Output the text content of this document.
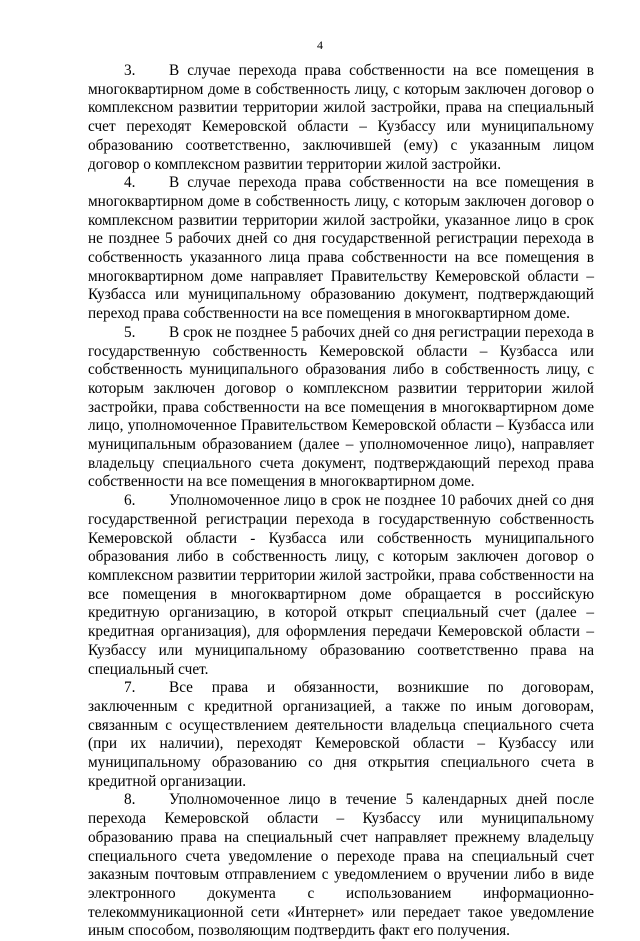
4

3. В случае перехода права собственности на все помещения в многоквартирном доме в собственность лицу, с которым заключен договор о комплексном развитии территории жилой застройки, права на специальный счет переходят Кемеровской области – Кузбассу или муниципальному образованию соответственно, заключившей (ему) с указанным лицом договор о комплексном развитии территории жилой застройки.

4. В случае перехода права собственности на все помещения в многоквартирном доме в собственность лицу, с которым заключен договор о комплексном развитии территории жилой застройки, указанное лицо в срок не позднее 5 рабочих дней со дня государственной регистрации перехода в собственность указанного лица права собственности на все помещения в многоквартирном доме направляет Правительству Кемеровской области – Кузбасса или муниципальному образованию документ, подтверждающий переход права собственности на все помещения в многоквартирном доме.

5. В срок не позднее 5 рабочих дней со дня регистрации перехода в государственную собственность Кемеровской области – Кузбасса или собственность муниципального образования либо в собственность лицу, с которым заключен договор о комплексном развитии территории жилой застройки, права собственности на все помещения в многоквартирном доме лицо, уполномоченное Правительством Кемеровской области – Кузбасса или муниципальным образованием (далее – уполномоченное лицо), направляет владельцу специального счета документ, подтверждающий переход права собственности на все помещения в многоквартирном доме.

6. Уполномоченное лицо в срок не позднее 10 рабочих дней со дня государственной регистрации перехода в государственную собственность Кемеровской области - Кузбасса или собственность муниципального образования либо в собственность лицу, с которым заключен договор о комплексном развитии территории жилой застройки, права собственности на все помещения в многоквартирном доме обращается в российскую кредитную организацию, в которой открыт специальный счет (далее – кредитная организация), для оформления передачи Кемеровской области – Кузбассу или муниципальному образованию соответственно права на специальный счет.

7. Все права и обязанности, возникшие по договорам, заключенным с кредитной организацией, а также по иным договорам, связанным с осуществлением деятельности владельца специального счета (при их наличии), переходят Кемеровской области – Кузбассу или муниципальному образованию со дня открытия специального счета в кредитной организации.

8. Уполномоченное лицо в течение 5 календарных дней после перехода Кемеровской области – Кузбассу или муниципальному образованию права на специальный счет направляет прежнему владельцу специального счета уведомление о переходе права на специальный счет заказным почтовым отправлением с уведомлением о вручении либо в виде электронного документа с использованием информационно-телекоммуникационной сети «Интернет» или передает такое уведомление иным способом, позволяющим подтвердить факт его получения.
